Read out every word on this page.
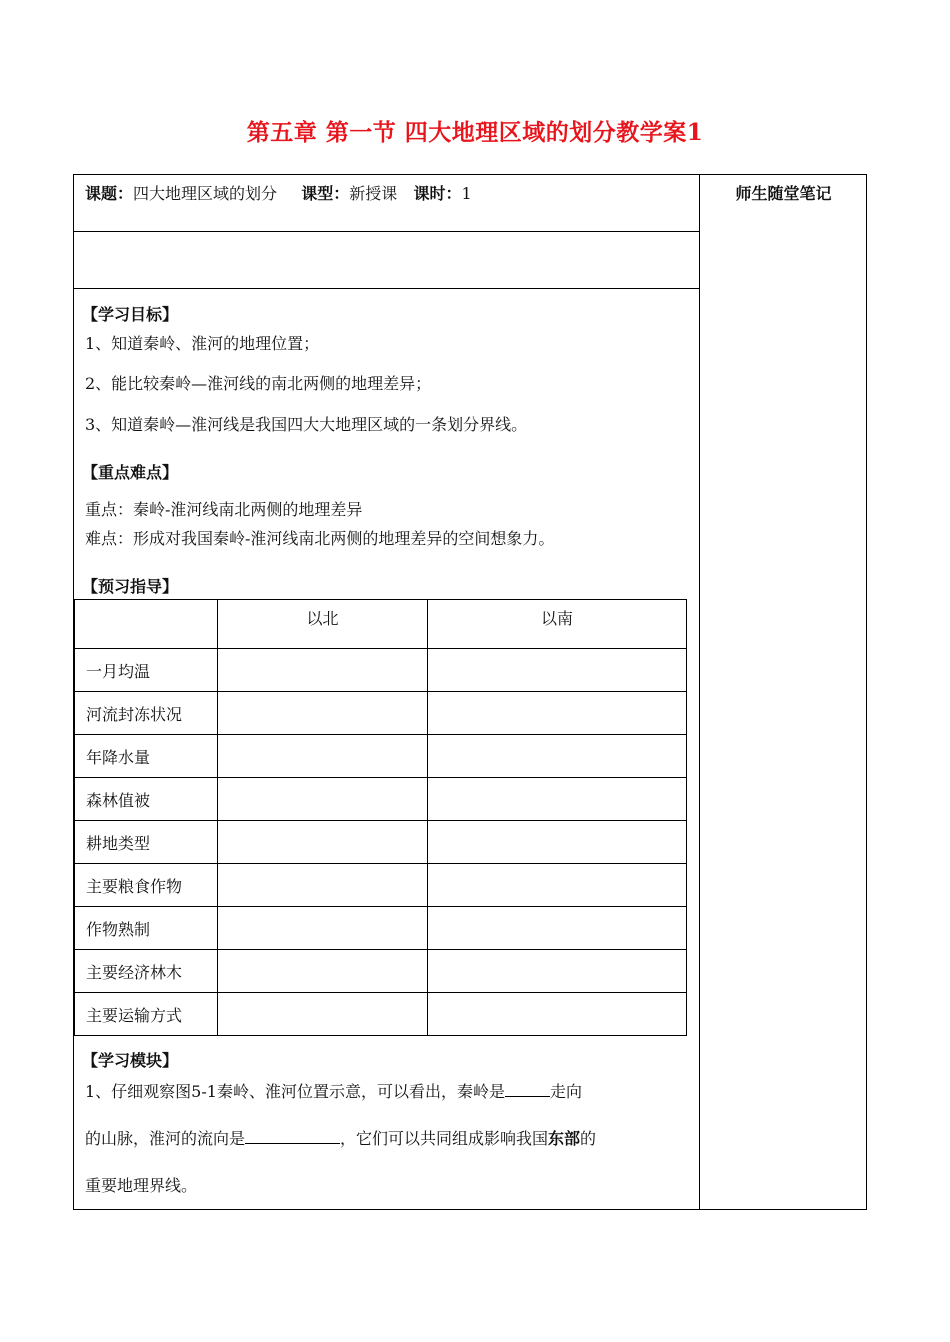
第五章 第一节 四大地理区域的划分教学案1
师生随堂笔记
课题：四大地理区域的划分 课型：新授课 课时：1
【学习目标】
1、知道秦岭、淮河的地理位置；
2、能比较秦岭—淮河线的南北两侧的地理差异；
3、知道秦岭—淮河线是我国四大大地理区域的一条划分界线。
【重点难点】
重点：秦岭-淮河线南北两侧的地理差异
难点：形成对我国秦岭-淮河线南北两侧的地理差异的空间想象力。
【预习指导】
	以北	以南
一月均温		
河流封冻状况		
年降水量		
森林值被		
耕地类型		
主要粮食作物		
作物熟制		
主要经济林木		
主要运输方式		
【学习模块】
1、仔细观察图5-1秦岭、淮河位置示意，可以看出，秦岭是	走向
的山脉，淮河的流向是	，它们可以共同组成影响我国东部的
重要地理界线。
